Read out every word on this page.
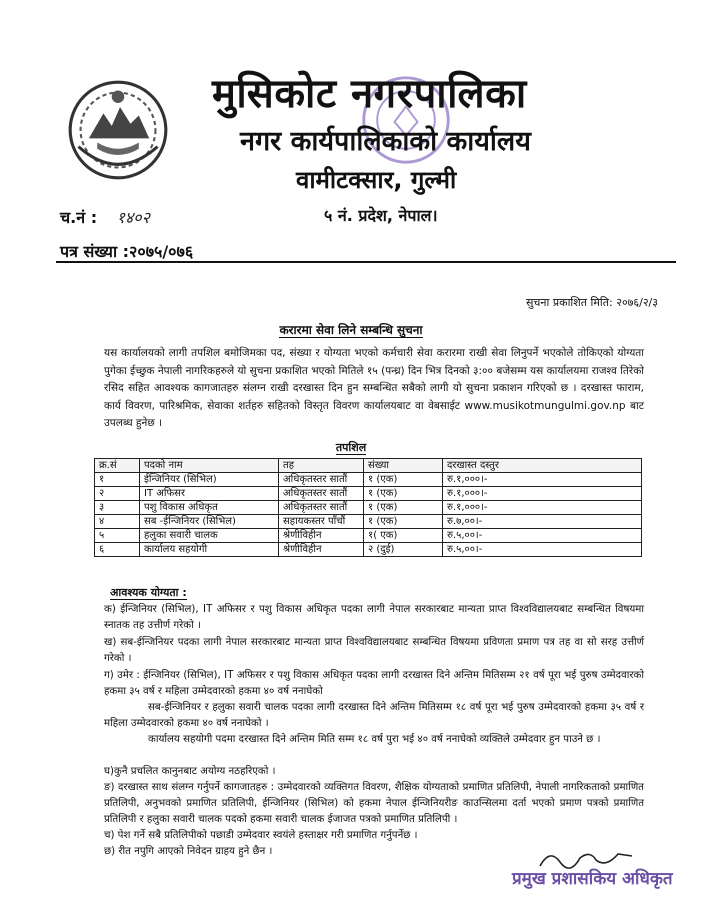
मुसिकोट नगरपालिका
नगर कार्यपालिकाको कार्यालय
वामीटक्सार, गुल्मी
५ नं. प्रदेश, नेपाल।
च.नं : १४०२
पत्र संख्या :२०७५/०७६
सुचना प्रकाशित मिति: २०७६/२/३
करारमा सेवा लिने सम्बन्धि सुचना
यस कार्यालयको लागी तपशिल बमोजिमका पद, संख्या र योग्यता भएको कर्मचारी सेवा करारमा राखी सेवा लिनुपर्ने भएकोले तोकिएको योग्यता पुगेका ईच्छुक नेपाली नागरिकहरुले यो सुचना प्रकाशित भएको मितिले १५ (पन्ध्र) दिन भित्र दिनको ३:०० बजेसम्म यस कार्यालयमा राजश्व तिरेको रसिद सहित आवश्यक कागजातहरु संलग्न राखी दरखास्त दिन हुन सम्बन्धित सबैको लागी यो सुचना प्रकाशन गरिएको छ । दरखास्त फाराम, कार्य विवरण, पारिश्रमिक, सेवाका शर्तहरु सहितको विस्तृत विवरण कार्यालयबाट वा वेबसाईट www.musikotmungulmi.gov.np बाट उपलब्ध हुनेछ ।
तपशिल
क्र.सं	पदको नाम	तह	संख्या	दरखास्त दस्तुर
१	ईन्जिनियर (सिभिल)	अधिकृतस्तर सातौं	१ (एक)	रु.१,०००।-
२	IT अफिसर	अधिकृतस्तर सातौं	१ (एक)	रु.१,०००।-
३	पशु विकास अधिकृत	अधिकृतस्तर सातौं	१ (एक)	रु.१,०००।-
४	सब -ईन्जिनियर (सिभिल)	सहायकस्तर पाँचौं	१ (एक)	रु.७,००।-
५	हलुका सवारी चालक	श्रेणीविहीन	१( एक)	रु.५,००।-
६	कार्यालय सहयोगी	श्रेणीविहीन	२ (दुई)	रु.५,००।-
आवश्यक योग्यता :
क) ईन्जिनियर (सिभिल), IT अफिसर र पशु विकास अधिकृत पदका लागी नेपाल सरकारबाट मान्यता प्राप्त विश्वविद्यालयबाट सम्बन्धित विषयमा स्नातक तह उत्तीर्ण गरेको ।
ख) सब-ईन्जिनियर पदका लागी नेपाल सरकारबाट मान्यता प्राप्त विश्वविद्यालयबाट सम्बन्धित विषयमा प्रविणता प्रमाण पत्र तह वा सो सरह उत्तीर्ण गरेको ।
ग) उमेर : ईन्जिनियर (सिभिल), IT अफिसर र पशु विकास अधिकृत पदका लागी दरखास्त दिने अन्तिम मितिसम्म २१ वर्ष पूरा भई पुरुष उम्मेदवारको हकमा ३५ वर्ष र महिला उम्मेदवारको हकमा ४० वर्ष ननाघेको
सब-ईन्जिनियर र हलुका सवारी चालक पदका लागी दरखास्त दिने अन्तिम मितिसम्म १८ वर्ष पूरा भई पुरुष उम्मेदवारको हकमा ३५ वर्ष र महिला उम्मेदवारको हकमा ४० वर्ष ननाघेको ।
कार्यालय सहयोगी पदमा दरखास्त दिने अन्तिम मिति सम्म १८ वर्ष पुरा भई ४० वर्ष ननाघेको व्यक्तिले उम्मेदवार हुन पाउने छ ।
घ)कुनै प्रचलित कानुनबाट अयोग्य नठहरिएको ।
ङ) दरखास्त साथ संलग्न गर्नुपर्ने कागजातहरु : उम्मेदवारको व्यक्तिगत विवरण, शैक्षिक योग्यताको प्रमाणित प्रतिलिपी, नेपाली नागरिकताको प्रमाणित प्रतिलिपी, अनुभवको प्रमाणित प्रतिलिपी, ईन्जिनियर (सिभिल) को हकमा नेपाल ईन्जिनियरीङ काउन्सिलमा दर्ता भएको प्रमाण पत्रको प्रमाणित प्रतिलिपी र हलुका सवारी चालक पदको हकमा सवारी चालक ईजाजत पत्रको प्रमाणित प्रतिलिपी ।
च) पेश गर्ने सबै प्रतिलिपीको पछाडी उम्मेदवार स्वयंले हस्ताक्षर गरी प्रमाणित गर्नुपर्नेछ ।
छ) रीत नपुगि आएको निवेदन ग्राहय हुने छैन ।
प्रमुख प्रशासकिय अधिकृत
